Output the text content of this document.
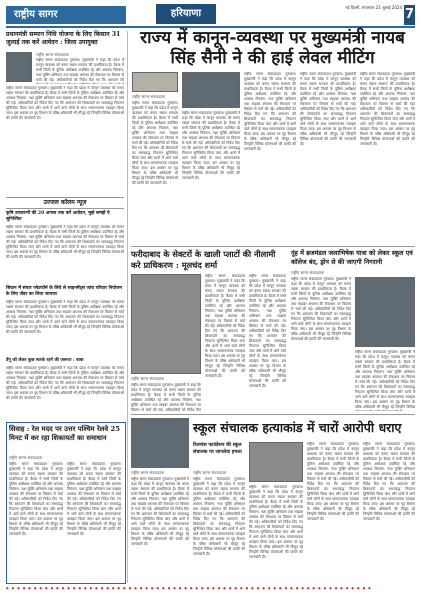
राष्ट्रीय सागर	हरियाणा
नई दिल्ली, मंगलवार 23 जुलाई 2024 7
प्रधानमंत्री सम्मान निधि योजना के लिए किसान 31 जुलाई तक करें आवेदन : जिला उपायुक्त
राष्ट्रीय सागर संवाददाता
राष्ट्रीय सागर संवाददाता गुरुग्राम। मुख्यमंत्री ने कहा कि प्रदेश में कानून व्यवस्था को बनाए रखना सरकार की प्राथमिकता है। बैठक में सभी जिलों के पुलिस अधीक्षक उपस्थित रहे और अपराध नियंत्रण, नशा मुक्ति अभियान तथा साइबर अपराध की रोकथाम पर विस्तार से चर्चा की गई। अधिकारियों को निर्देश दिए गए कि आमजन की
राष्ट्रीय सागर संवाददाता गुरुग्राम। मुख्यमंत्री ने कहा कि प्रदेश में कानून व्यवस्था को बनाए रखना सरकार की प्राथमिकता है। बैठक में सभी जिलों के पुलिस अधीक्षक उपस्थित रहे और अपराध नियंत्रण, नशा मुक्ति अभियान तथा साइबर अपराध की रोकथाम पर विस्तार से चर्चा की गई। अधिकारियों को निर्देश दिए गए कि आमजन की शिकायतों का समयबद्ध निपटान सुनिश्चित किया जाए और थानों में आने वाले लोगों के साथ सम्मानजनक व्यवहार किया जाए। इस अवसर पर गृह विभाग के वरिष्ठ अधिकारी भी मौजूद रहे जिन्होंने विभिन्न योजनाओं की प्रगति की जानकारी दी।
उज्जल कॉलम न्यूज़
कृषि उपकरणों की 20 अगस्त तक करें आवेदन, मुझे समझें ये सुनिश्चित
राष्ट्रीय सागर संवाददाता गुरुग्राम। मुख्यमंत्री ने कहा कि प्रदेश में कानून व्यवस्था को बनाए रखना सरकार की प्राथमिकता है। बैठक में सभी जिलों के पुलिस अधीक्षक उपस्थित रहे और अपराध नियंत्रण, नशा मुक्ति अभियान तथा साइबर अपराध की रोकथाम पर विस्तार से चर्चा की गई। अधिकारियों को निर्देश दिए गए कि आमजन की शिकायतों का समयबद्ध निपटान सुनिश्चित किया जाए और थानों में आने वाले लोगों के साथ सम्मानजनक व्यवहार किया जाए। इस अवसर पर गृह विभाग के वरिष्ठ अधिकारी भी मौजूद रहे जिन्होंने विभिन्न योजनाओं की प्रगति की जानकारी दी।
सिवान में संचार प्लेटफॉर्म के लिये ले साइनमेंट्स जांच परिवार नियोजन के लिए जेंडर का लिया जायजा
राष्ट्रीय सागर संवाददाता गुरुग्राम। मुख्यमंत्री ने कहा कि प्रदेश में कानून व्यवस्था को बनाए रखना सरकार की प्राथमिकता है। बैठक में सभी जिलों के पुलिस अधीक्षक उपस्थित रहे और अपराध नियंत्रण, नशा मुक्ति अभियान तथा साइबर अपराध की रोकथाम पर विस्तार से चर्चा की गई। अधिकारियों को निर्देश दिए गए कि आमजन की शिकायतों का समयबद्ध निपटान सुनिश्चित किया जाए और थानों में आने वाले लोगों के साथ सम्मानजनक व्यवहार किया जाए। इस अवसर पर गृह विभाग के वरिष्ठ अधिकारी भी मौजूद रहे जिन्होंने विभिन्न योजनाओं की प्रगति की जानकारी दी।
डेंगू को लेकर कुछ सतर्क रहने की ज़रूरत : बाबा
राष्ट्रीय सागर संवाददाता गुरुग्राम। मुख्यमंत्री ने कहा कि प्रदेश में कानून व्यवस्था को बनाए रखना सरकार की प्राथमिकता है। बैठक में सभी जिलों के पुलिस अधीक्षक उपस्थित रहे और अपराध नियंत्रण, नशा मुक्ति अभियान तथा साइबर अपराध की रोकथाम पर विस्तार से चर्चा की गई। अधिकारियों को निर्देश दिए गए कि आमजन की शिकायतों का समयबद्ध निपटान सुनिश्चित किया जाए और थानों में आने वाले लोगों के साथ सम्मानजनक व्यवहार किया जाए। इस अवसर पर गृह विभाग के वरिष्ठ अधिकारी भी मौजूद रहे जिन्होंने विभिन्न योजनाओं की प्रगति की जानकारी दी।
सिवाह : रेल मदद पर उत्तर पश्चिम रेलवे 25 मिनट में कर रहा शिकायतों का समाधान
राष्ट्रीय सागर संवाददाता
राष्ट्रीय सागर संवाददाता गुरुग्राम। मुख्यमंत्री ने कहा कि प्रदेश में कानून व्यवस्था को बनाए रखना सरकार की प्राथमिकता है। बैठक में सभी जिलों के पुलिस अधीक्षक उपस्थित रहे और अपराध नियंत्रण, नशा मुक्ति अभियान तथा साइबर अपराध की रोकथाम पर विस्तार से चर्चा की गई। अधिकारियों को निर्देश दिए गए कि आमजन की शिकायतों का समयबद्ध निपटान सुनिश्चित किया जाए और थानों में आने वाले लोगों के साथ सम्मानजनक व्यवहार किया जाए। इस अवसर पर गृह विभाग के वरिष्ठ अधिकारी भी मौजूद रहे जिन्होंने विभिन्न योजनाओं की प्रगति की जानकारी दी।
राष्ट्रीय सागर संवाददाता गुरुग्राम। मुख्यमंत्री ने कहा कि प्रदेश में कानून व्यवस्था को बनाए रखना सरकार की प्राथमिकता है। बैठक में सभी जिलों के पुलिस अधीक्षक उपस्थित रहे और अपराध नियंत्रण, नशा मुक्ति अभियान तथा साइबर अपराध की रोकथाम पर विस्तार से चर्चा की गई। अधिकारियों को निर्देश दिए गए कि आमजन की शिकायतों का समयबद्ध निपटान सुनिश्चित किया जाए और थानों में आने वाले लोगों के साथ सम्मानजनक व्यवहार किया जाए। इस अवसर पर गृह विभाग के वरिष्ठ अधिकारी भी मौजूद रहे जिन्होंने विभिन्न योजनाओं की प्रगति की जानकारी दी।
राज्य में कानून-व्यवस्था पर मुख्यमंत्री नायब सिंह सैनी ने की हाई लेवल मीटिंग
राष्ट्रीय सागर संवाददाता
राष्ट्रीय सागर संवाददाता गुरुग्राम। मुख्यमंत्री ने कहा कि प्रदेश में कानून व्यवस्था को बनाए रखना सरकार की प्राथमिकता है। बैठक में सभी जिलों के पुलिस अधीक्षक उपस्थित रहे और अपराध नियंत्रण, नशा मुक्ति अभियान तथा साइबर अपराध की रोकथाम पर विस्तार से चर्चा की गई। अधिकारियों को निर्देश दिए गए कि आमजन की शिकायतों का समयबद्ध निपटान सुनिश्चित किया जाए और थानों में आने वाले लोगों के साथ सम्मानजनक व्यवहार किया जाए। इस अवसर पर गृह विभाग के वरिष्ठ अधिकारी भी मौजूद रहे जिन्होंने विभिन्न योजनाओं की प्रगति की जानकारी दी।
राष्ट्रीय सागर संवाददाता गुरुग्राम। मुख्यमंत्री ने कहा कि प्रदेश में कानून व्यवस्था को बनाए रखना सरकार की प्राथमिकता है। बैठक में सभी जिलों के पुलिस अधीक्षक उपस्थित रहे और अपराध नियंत्रण, नशा मुक्ति अभियान तथा साइबर अपराध की रोकथाम पर विस्तार से चर्चा की गई। अधिकारियों को निर्देश दिए गए कि आमजन की शिकायतों का समयबद्ध निपटान सुनिश्चित किया जाए और थानों में आने वाले लोगों के साथ सम्मानजनक व्यवहार किया जाए। इस अवसर पर गृह विभाग के वरिष्ठ अधिकारी भी मौजूद रहे जिन्होंने विभिन्न योजनाओं की प्रगति की जानकारी दी।
राष्ट्रीय सागर संवाददाता गुरुग्राम। मुख्यमंत्री ने कहा कि प्रदेश में कानून व्यवस्था को बनाए रखना सरकार की प्राथमिकता है। बैठक में सभी जिलों के पुलिस अधीक्षक उपस्थित रहे और अपराध नियंत्रण, नशा मुक्ति अभियान तथा साइबर अपराध की रोकथाम पर विस्तार से चर्चा की गई। अधिकारियों को निर्देश दिए गए कि आमजन की शिकायतों का समयबद्ध निपटान सुनिश्चित किया जाए और थानों में आने वाले लोगों के साथ सम्मानजनक व्यवहार किया जाए। इस अवसर पर गृह विभाग के वरिष्ठ अधिकारी भी मौजूद रहे जिन्होंने विभिन्न योजनाओं की प्रगति की जानकारी दी।
राष्ट्रीय सागर संवाददाता गुरुग्राम। मुख्यमंत्री ने कहा कि प्रदेश में कानून व्यवस्था को बनाए रखना सरकार की प्राथमिकता है। बैठक में सभी जिलों के पुलिस अधीक्षक उपस्थित रहे और अपराध नियंत्रण, नशा मुक्ति अभियान तथा साइबर अपराध की रोकथाम पर विस्तार से चर्चा की गई। अधिकारियों को निर्देश दिए गए कि आमजन की शिकायतों का समयबद्ध निपटान सुनिश्चित किया जाए और थानों में आने वाले लोगों के साथ सम्मानजनक व्यवहार किया जाए। इस अवसर पर गृह विभाग के वरिष्ठ अधिकारी भी मौजूद रहे जिन्होंने विभिन्न योजनाओं की प्रगति की जानकारी दी।
राष्ट्रीय सागर संवाददाता गुरुग्राम। मुख्यमंत्री ने कहा कि प्रदेश में कानून व्यवस्था को बनाए रखना सरकार की प्राथमिकता है। बैठक में सभी जिलों के पुलिस अधीक्षक उपस्थित रहे और अपराध नियंत्रण, नशा मुक्ति अभियान तथा साइबर अपराध की रोकथाम पर विस्तार से चर्चा की गई। अधिकारियों को निर्देश दिए गए कि आमजन की शिकायतों का समयबद्ध निपटान सुनिश्चित किया जाए और थानों में आने वाले लोगों के साथ सम्मानजनक व्यवहार किया जाए। इस अवसर पर गृह विभाग के वरिष्ठ अधिकारी भी मौजूद रहे जिन्होंने विभिन्न योजनाओं की प्रगति की जानकारी दी।
फरीदाबाद के सेक्टरों के खाली प्लाटों की नीलामी करे प्राधिकरण : मूलचंद शर्मा
राष्ट्रीय सागर संवाददाता
राष्ट्रीय सागर संवाददाता गुरुग्राम। मुख्यमंत्री ने कहा कि प्रदेश में कानून व्यवस्था को बनाए रखना सरकार की प्राथमिकता है। बैठक में सभी जिलों के पुलिस अधीक्षक उपस्थित रहे और अपराध नियंत्रण, नशा मुक्ति अभियान तथा साइबर अपराध की रोकथाम पर विस्तार से चर्चा की गई। अधिकारियों को निर्देश दिए
राष्ट्रीय सागर संवाददाता गुरुग्राम। मुख्यमंत्री ने कहा कि प्रदेश में कानून व्यवस्था को बनाए रखना सरकार की प्राथमिकता है। बैठक में सभी जिलों के पुलिस अधीक्षक उपस्थित रहे और अपराध नियंत्रण, नशा मुक्ति अभियान तथा साइबर अपराध की रोकथाम पर विस्तार से चर्चा की गई। अधिकारियों को निर्देश दिए गए कि आमजन की शिकायतों का समयबद्ध निपटान सुनिश्चित किया जाए और थानों में आने वाले लोगों के साथ सम्मानजनक व्यवहार किया जाए। इस अवसर पर गृह विभाग के वरिष्ठ अधिकारी भी मौजूद रहे जिन्होंने विभिन्न योजनाओं की प्रगति की जानकारी दी।
राष्ट्रीय सागर संवाददाता गुरुग्राम। मुख्यमंत्री ने कहा कि प्रदेश में कानून व्यवस्था को बनाए रखना सरकार की प्राथमिकता है। बैठक में सभी जिलों के पुलिस अधीक्षक उपस्थित रहे और अपराध नियंत्रण, नशा मुक्ति अभियान तथा साइबर अपराध की रोकथाम पर विस्तार से चर्चा की गई। अधिकारियों को निर्देश दिए गए कि आमजन की शिकायतों का समयबद्ध निपटान सुनिश्चित किया जाए और थानों में आने वाले लोगों के साथ सम्मानजनक व्यवहार किया जाए। इस अवसर पर गृह विभाग के वरिष्ठ अधिकारी भी मौजूद रहे जिन्होंने विभिन्न योजनाओं की प्रगति की जानकारी दी।
नूंह में ब्रजमंडल जलाभिषेक यात्रा को लेकर स्कूल एवं कॉलेज बंद, ड्रोन से की जाएगी निगरानी
राष्ट्रीय सागर संवाददाता
राष्ट्रीय सागर संवाददाता गुरुग्राम। मुख्यमंत्री ने कहा कि प्रदेश में कानून व्यवस्था को बनाए रखना सरकार की प्राथमिकता है। बैठक में सभी जिलों के पुलिस अधीक्षक उपस्थित रहे और अपराध नियंत्रण, नशा मुक्ति अभियान तथा साइबर अपराध की रोकथाम पर विस्तार से चर्चा की गई। अधिकारियों को निर्देश दिए गए कि आमजन की शिकायतों का समयबद्ध निपटान सुनिश्चित किया जाए और थानों में आने वाले लोगों के साथ सम्मानजनक व्यवहार किया जाए। इस अवसर पर गृह विभाग के वरिष्ठ अधिकारी भी मौजूद रहे जिन्होंने विभिन्न योजनाओं की प्रगति की जानकारी दी।
राष्ट्रीय सागर संवाददाता गुरुग्राम। मुख्यमंत्री ने कहा कि प्रदेश में कानून व्यवस्था को बनाए रखना सरकार की प्राथमिकता है। बैठक में सभी जिलों के पुलिस अधीक्षक उपस्थित रहे और अपराध नियंत्रण, नशा मुक्ति अभियान तथा साइबर अपराध की रोकथाम पर विस्तार से चर्चा की गई। अधिकारियों को निर्देश दिए गए कि आमजन की शिकायतों का समयबद्ध निपटान सुनिश्चित किया जाए और थानों में आने वाले लोगों के साथ सम्मानजनक व्यवहार किया जाए। इस अवसर पर गृह विभाग के वरिष्ठ अधिकारी भी मौजूद रहे जिन्होंने विभिन्न
राष्ट्रीय सागर संवाददाता
राष्ट्रीय सागर संवाददाता गुरुग्राम। मुख्यमंत्री ने कहा कि प्रदेश में कानून व्यवस्था को बनाए रखना सरकार की प्राथमिकता है। बैठक में सभी जिलों के पुलिस अधीक्षक उपस्थित रहे और अपराध नियंत्रण, नशा मुक्ति अभियान तथा साइबर अपराध की रोकथाम पर विस्तार से चर्चा की गई। अधिकारियों को निर्देश दिए गए कि आमजन की शिकायतों का समयबद्ध निपटान सुनिश्चित किया जाए और थानों में आने वाले लोगों के साथ सम्मानजनक व्यवहार किया जाए। इस अवसर पर गृह विभाग के वरिष्ठ अधिकारी भी मौजूद रहे जिन्होंने विभिन्न योजनाओं की प्रगति की जानकारी दी।
स्कूल संचालक हत्याकांड में चारों आरोपी धराए
रिलायंस फाउंडेशन की स्कूल संचालक पर जानलेवा हमला
राष्ट्रीय सागर संवाददाता
राष्ट्रीय सागर संवाददाता गुरुग्राम। मुख्यमंत्री ने कहा कि प्रदेश में कानून व्यवस्था को बनाए रखना सरकार की प्राथमिकता है। बैठक में सभी जिलों के पुलिस अधीक्षक उपस्थित रहे और अपराध नियंत्रण, नशा मुक्ति अभियान तथा साइबर अपराध की रोकथाम पर विस्तार से चर्चा की गई। अधिकारियों को निर्देश दिए गए कि आमजन की शिकायतों का समयबद्ध निपटान सुनिश्चित किया जाए और थानों में आने वाले लोगों के साथ सम्मानजनक व्यवहार किया जाए। इस अवसर पर गृह विभाग के वरिष्ठ अधिकारी भी मौजूद रहे जिन्होंने विभिन्न योजनाओं की प्रगति की जानकारी दी।
राष्ट्रीय सागर संवाददाता गुरुग्राम। मुख्यमंत्री ने कहा कि प्रदेश में कानून व्यवस्था को बनाए रखना सरकार की प्राथमिकता है। बैठक में सभी जिलों के पुलिस अधीक्षक उपस्थित रहे और अपराध नियंत्रण, नशा मुक्ति अभियान तथा साइबर अपराध की रोकथाम पर विस्तार से चर्चा की गई। अधिकारियों को निर्देश दिए गए कि आमजन की शिकायतों का समयबद्ध निपटान सुनिश्चित किया जाए और थानों में आने वाले लोगों के साथ सम्मानजनक व्यवहार किया जाए। इस अवसर पर गृह विभाग के वरिष्ठ अधिकारी भी मौजूद रहे जिन्होंने विभिन्न योजनाओं की प्रगति की जानकारी दी।
राष्ट्रीय सागर संवाददाता गुरुग्राम। मुख्यमंत्री ने कहा कि प्रदेश में कानून व्यवस्था को बनाए रखना सरकार की प्राथमिकता है। बैठक में सभी जिलों के पुलिस अधीक्षक उपस्थित रहे और अपराध नियंत्रण, नशा मुक्ति अभियान तथा साइबर अपराध की रोकथाम पर विस्तार से चर्चा की गई। अधिकारियों को निर्देश दिए गए कि आमजन की शिकायतों का समयबद्ध निपटान सुनिश्चित किया जाए और थानों में आने वाले लोगों के साथ सम्मानजनक व्यवहार किया जाए। इस अवसर पर गृह विभाग के वरिष्ठ अधिकारी भी मौजूद रहे जिन्होंने विभिन्न योजनाओं की प्रगति की जानकारी दी।
राष्ट्रीय सागर संवाददाता गुरुग्राम। मुख्यमंत्री ने कहा कि प्रदेश में कानून व्यवस्था को बनाए रखना सरकार की प्राथमिकता है। बैठक में सभी जिलों के पुलिस अधीक्षक उपस्थित रहे और अपराध नियंत्रण, नशा मुक्ति अभियान तथा साइबर अपराध की रोकथाम पर विस्तार से चर्चा की गई। अधिकारियों को निर्देश दिए गए कि आमजन की शिकायतों का समयबद्ध निपटान सुनिश्चित किया जाए और थानों में आने वाले लोगों के साथ सम्मानजनक व्यवहार किया जाए। इस अवसर पर गृह विभाग के वरिष्ठ अधिकारी भी मौजूद रहे जिन्होंने विभिन्न योजनाओं की प्रगति की जानकारी दी।
● ● ● ● ● ● ● ● ● ● ● ● ● ● ● ● ● ● ● ● ● ● ● ● ● ● ● ● ● ● ● ● ● ● ● ● ● ● ● ● ● ● ● ● ● ● ● ● ● ● ● ● ● ● ● ● ● ● ● ● ● ● ● ● ● ●
